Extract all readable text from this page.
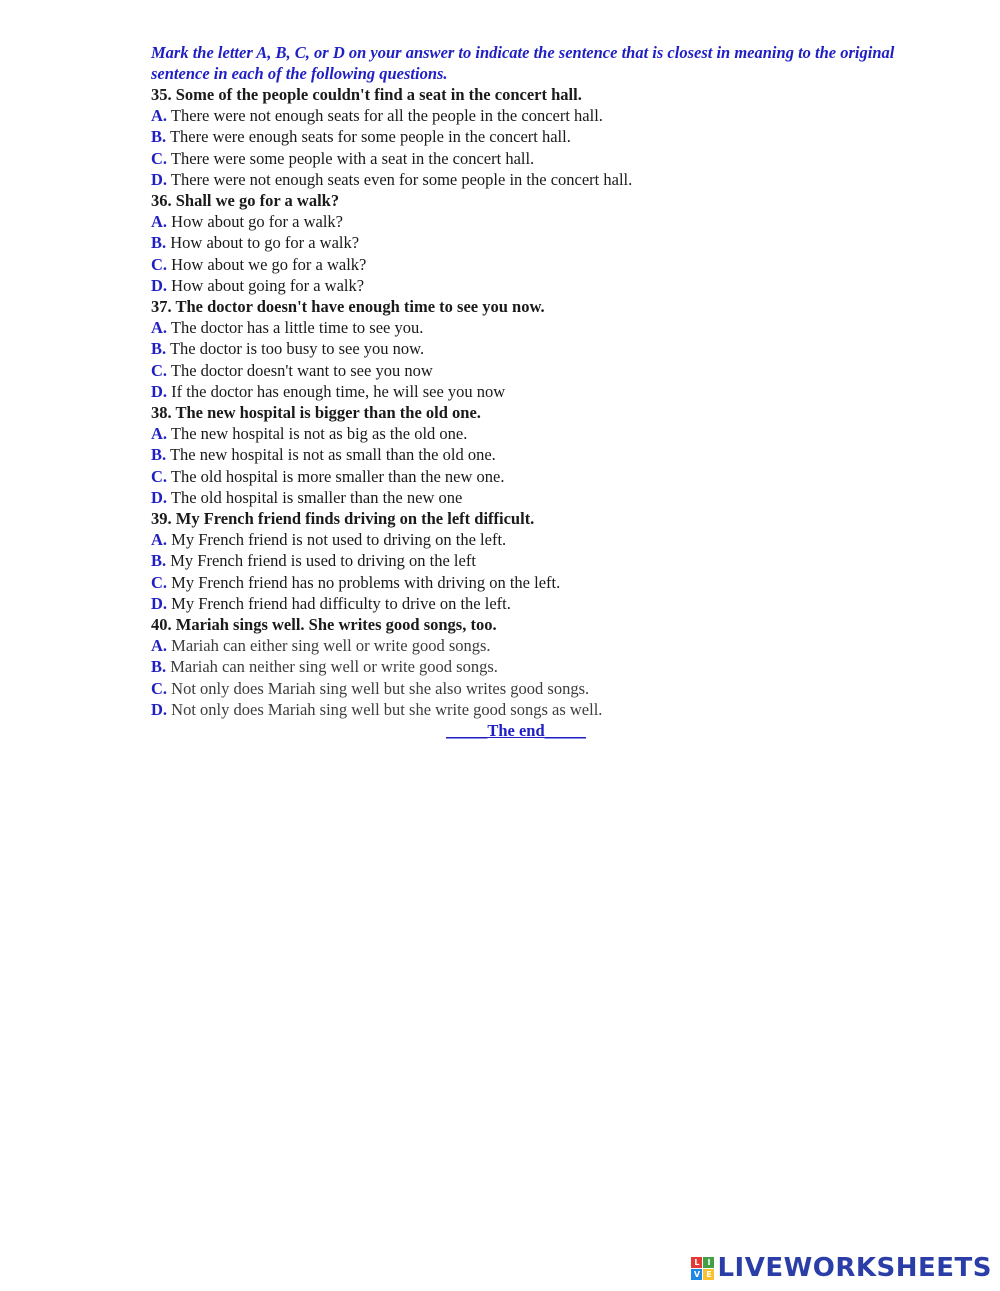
Mark the letter A, B, C, or D on your answer to indicate the sentence that is closest in meaning to the original sentence in each of the following questions.

35. Some of the people couldn't find a seat in the concert hall.
A. There were not enough seats for all the people in the concert hall.
B. There were enough seats for some people in the concert hall.
C. There were some people with a seat in the concert hall.
D. There were not enough seats even for some people in the concert hall.
36. Shall we go for a walk?
A. How about go for a walk?
B. How about to go for a walk?
C. How about we go for a walk?
D. How about going for a walk?
37. The doctor doesn't have enough time to see you now.
A. The doctor has a little time to see you.
B. The doctor is too busy to see you now.
C. The doctor doesn't want to see you now
D. If the doctor has enough time, he will see you now
38. The new hospital is bigger than the old one.
A. The new hospital is not as big as the old one.
B. The new hospital is not as small than the old one.
C. The old hospital is more smaller than the new one.
D. The old hospital is smaller than the new one
39. My French friend finds driving on the left difficult.
A. My French friend is not used to driving on the left.
B. My French friend is used to driving on the left
C. My French friend has no problems with driving on the left.
D. My French friend had difficulty to drive on the left.
40. Mariah sings well. She writes good songs, too.
A. Mariah can either sing well or write good songs.
B. Mariah can neither sing well or write good songs.
C. Not only does Mariah sing well but she also writes good songs.
D. Not only does Mariah sing well but she write good songs as well.
_____The end_____
L I
V E LIVEWORKSHEETS
